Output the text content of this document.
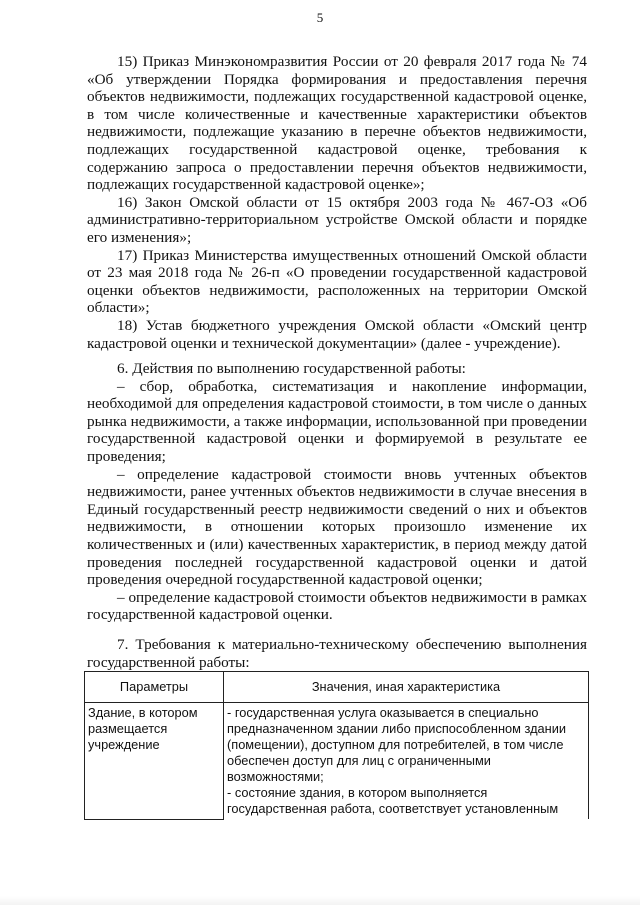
5

15) Приказ Минэкономразвития России от 20 февраля 2017 года № 74 «Об утверждении Порядка формирования и предоставления перечня объектов недвижимости, подлежащих государственной кадастровой оценке, в том числе количественные и качественные характеристики объектов недвижимости, подлежащие указанию в перечне объектов недвижимости, подлежащих государственной кадастровой оценке, требования к содержанию запроса о предоставлении перечня объектов недвижимости, подлежащих государственной кадастровой оценке»;

16) Закон Омской области от 15 октября 2003 года № 467-ОЗ «Об административно-территориальном устройстве Омской области и порядке его изменения»;

17) Приказ Министерства имущественных отношений Омской области от 23 мая 2018 года № 26-п «О проведении государственной кадастровой оценки объектов недвижимости, расположенных на территории Омской области»;

18) Устав бюджетного учреждения Омской области «Омский центр кадастровой оценки и технической документации» (далее - учреждение).

6. Действия по выполнению государственной работы:

– сбор, обработка, систематизация и накопление информации, необходимой для определения кадастровой стоимости, в том числе о данных рынка недвижимости, а также информации, использованной при проведении государственной кадастровой оценки и формируемой в результате ее проведения;

– определение кадастровой стоимости вновь учтенных объектов недвижимости, ранее учтенных объектов недвижимости в случае внесения в Единый государственный реестр недвижимости сведений о них и объектов недвижимости, в отношении которых произошло изменение их количественных и (или) качественных характеристик, в период между датой проведения последней государственной кадастровой оценки и датой проведения очередной государственной кадастровой оценки;

– определение кадастровой стоимости объектов недвижимости в рамках государственной кадастровой оценки.

7. Требования к материально-техническому обеспечению выполнения государственной работы:

Параметры	Значения, иная характеристика
Здание, в котором размещается учреждение	- государственная услуга оказывается в специально предназначенном здании либо приспособленном здании (помещении), доступном для потребителей, в том числе обеспечен доступ для лиц с ограниченными возможностями;
- состояние здания, в котором выполняется государственная работа, соответствует установленным
